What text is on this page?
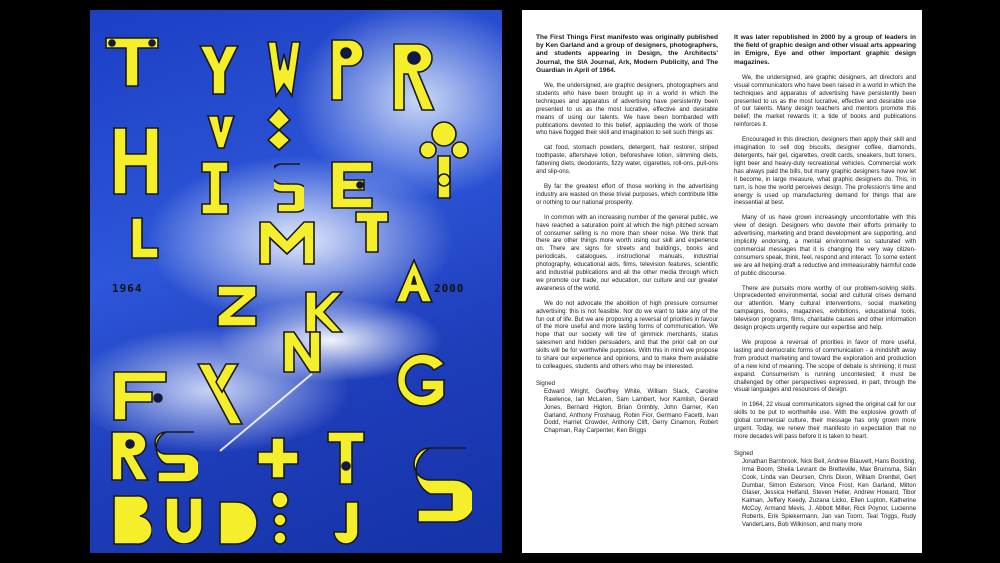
1964	2000

The First Things First manifesto was originally published by Ken Garland and a group of designers, photographers, and students appearing in Design, the Architects' Journal, the SIA Journal, Ark, Modern Publicity, and The Guardian in April of 1964.

We, the undersigned, are graphic designers, photographers and students who have been brought up in a world in which the techniques and apparatus of advertising have persistently been presented to us as the most lucrative, effective and desirable means of using our talents. We have been bombarded with publications devoted to this belief, applauding the work of those who have flogged their skill and imagination to sell such things as:

cat food, stomach powders, detergent, hair restorer, striped toothpaste, aftershave lotion, beforeshave lotion, slimming diets, fattening diets, deodorants, fizzy water, cigarettes, roll-ons, pull-ons and slip-ons.

By far the greatest effort of those working in the advertising industry are wasted on these trivial purposes, which contribute little or nothing to our national prosperity.

In common with an increasing number of the general public, we have reached a saturation point at which the high pitched scream of consumer selling is no more than sheer noise. We think that there are other things more worth using our skill and experience on. There are signs for streets and buildings, books and periodicals, catalogues, instructional manuals, industrial photography, educational aids, films, television features, scientific and industrial publications and all the other media through which we promote our trade, our education, our culture and our greater awareness of the world.

We do not advocate the abolition of high pressure consumer advertising: this is not feasible. Nor do we want to take any of the fun out of life. But we are proposing a reversal of priorities in favour of the more useful and more lasting forms of communication. We hope that our society will tire of gimmick merchants, status salesmen and hidden persuaders, and that the prior call on our skills will be for worthwhile purposes. With this in mind we propose to share our experience and opinions, and to make them available to colleagues, students and others who may be interested.

Signed
Edward Wright, Geoffrey White, William Slack, Caroline Rawlence, Ian McLaren, Sam Lambert, Ivor Kamlish, Gerald Jones, Bernard Higton, Brian Grimbly, John Garner, Ken Garland, Anthony Froshaug, Robin Fior, Germano Facetti, Ivan Dodd, Harriet Crowder, Anthony Clift, Gerry Cinamon, Robert Chapman, Ray Carpenter, Ken Briggs

It was later republished in 2000 by a group of leaders in the field of graphic design and other visual arts appearing in Emigre, Eye and other important graphic design magazines.

We, the undersigned, are graphic designers, art directors and visual communicators who have been raised in a world in which the techniques and apparatus of advertising have persistently been presented to us as the most lucrative, effective and desirable use of our talents. Many design teachers and mentors promote this belief; the market rewards it; a tide of books and publications reinforces it.

Encouraged in this direction, designers then apply their skill and imagination to sell dog biscuits, designer coffee, diamonds, detergents, hair gel, cigarettes, credit cards, sneakers, butt toners, light beer and heavy-duty recreational vehicles. Commercial work has always paid the bills, but many graphic designers have now let it become, in large measure, what graphic designers do. This, in turn, is how the world perceives design. The profession's time and energy is used up manufacturing demand for things that are inessential at best.

Many of us have grown increasingly uncomfortable with this view of design. Designers who devote their efforts primarily to advertising, marketing and brand development are supporting, and implicitly endorsing, a mental environment so saturated with commercial messages that it is changing the very way citizen-consumers speak, think, feel, respond and interact. To some extent we are all helping draft a reductive and immeasurably harmful code of public discourse.

There are pursuits more worthy of our problem-solving skills. Unprecedented environmental, social and cultural crises demand our attention. Many cultural interventions, social marketing campaigns, books, magazines, exhibitions, educational tools, television programs, films, charitable causes and other information design projects urgently require our expertise and help.

We propose a reversal of priorities in favor of more useful, lasting and democratic forms of communication - a mindshift away from product marketing and toward the exploration and production of a new kind of meaning. The scope of debate is shrinking; it must expand. Consumerism is running uncontested; it must be challenged by other perspectives expressed, in part, through the visual languages and resources of design.

In 1964, 22 visual communicators signed the original call for our skills to be put to worthwhile use. With the explosive growth of global commercial culture, their message has only grown more urgent. Today, we renew their manifesto in expectation that no more decades will pass before it is taken to heart.

Signed
Jonathan Barnbrook, Nick Bell, Andrew Blauvelt, Hans Bockting, Irma Boom, Sheila Levrant de Bretteville, Max Bruinsma, Siân Cook, Linda van Deursen, Chris Dixon, William Drenttel, Gert Dumbar, Simon Esterson, Vince Frost, Ken Garland, Milton Glaser, Jessica Helfand, Steven Heller, Andrew Howard, Tibor Kalman, Jeffery Keedy, Zuzana Licko, Ellen Lupton, Katherine McCoy, Armand Mevis, J. Abbott Miller, Rick Poynor, Lucienne Roberts, Erik Spiekermann, Jan van Toorn, Teal Triggs, Rudy VanderLans, Bob Wilkinson, and many more
